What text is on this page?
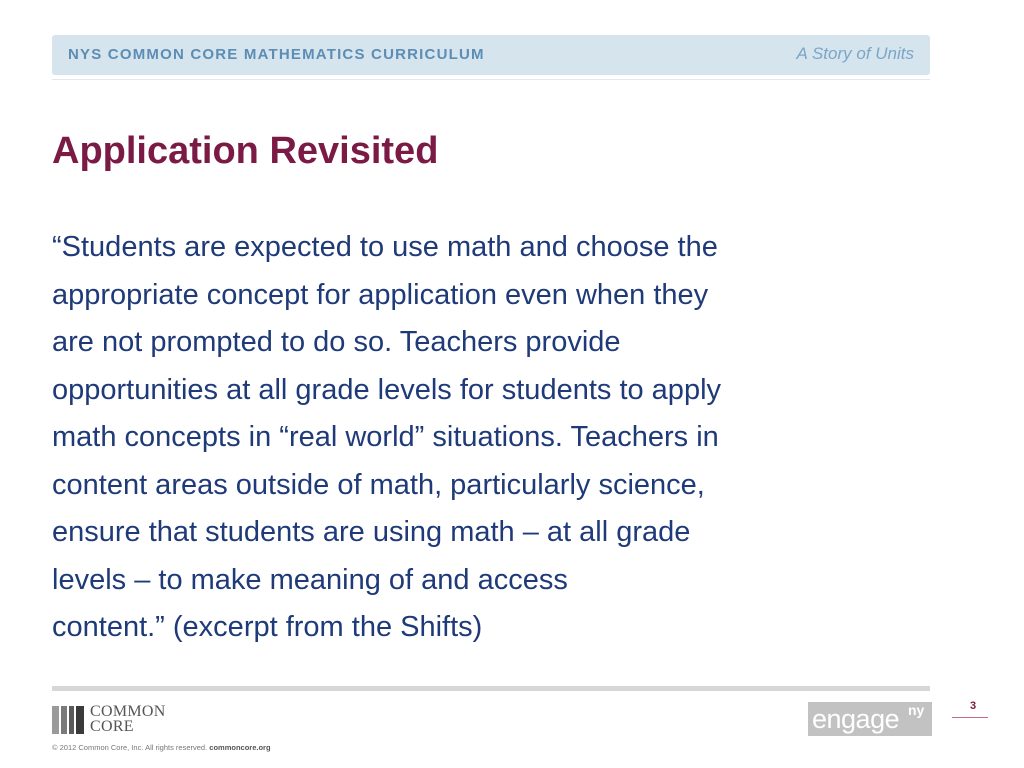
NYS COMMON CORE MATHEMATICS CURRICULUM	A Story of Units
Application Revisited

“Students are expected to use math and choose the
appropriate concept for application even when they
are not prompted to do so. Teachers provide
opportunities at all grade levels for students to apply
math concepts in “real world” situations. Teachers in
content areas outside of math, particularly science,
ensure that students are using math – at all grade
levels – to make meaning of and access
content.” (excerpt from the Shifts)

COMMON
CORE
© 2012 Common Core, Inc. All rights reserved. commoncore.org
engage ny	3
